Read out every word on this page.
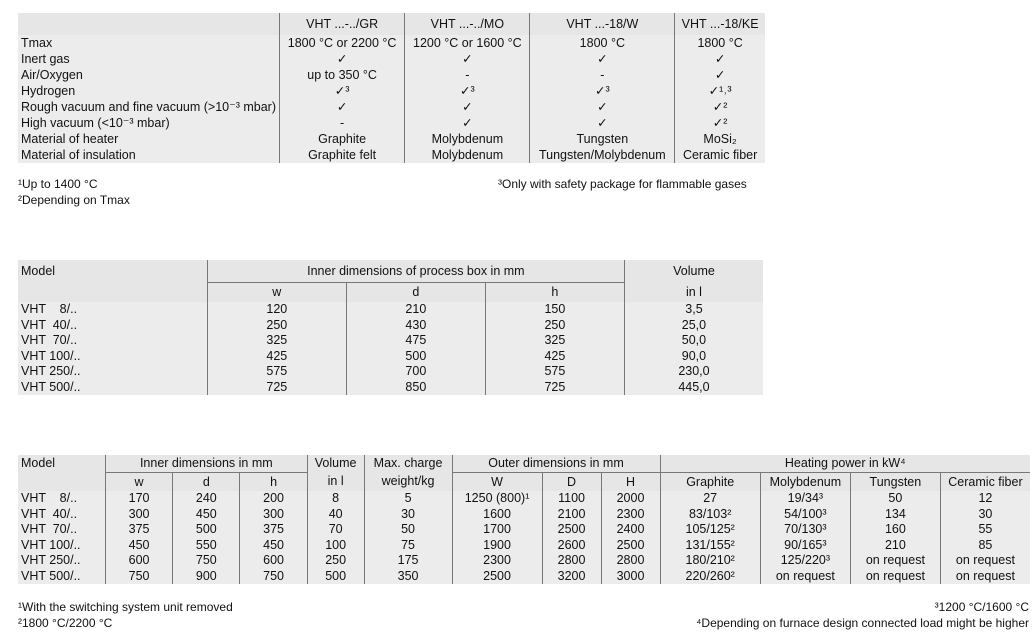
	VHT ...-../GR	VHT ...-../MO	VHT ...-18/W	VHT ...-18/KE
Tmax	1800 °C or 2200 °C	1200 °C or 1600 °C	1800 °C	1800 °C
Inert gas	✓	✓	✓	✓
Air/Oxygen	up to 350 °C	-	-	✓
Hydrogen	✓³	✓³	✓³	✓¹˒³
Rough vacuum and fine vacuum (>10⁻³ mbar)	✓	✓	✓	✓²
High vacuum (<10⁻³ mbar)	-	✓	✓	✓²
Material of heater	Graphite	Molybdenum	Tungsten	MoSi₂
Material of insulation	Graphite felt	Molybdenum	Tungsten/Molybdenum	Ceramic fiber
¹Up to 1400 °C
²Depending on Tmax
³Only with safety package for flammable gases
Model	Inner dimensions of process box in mm			Volume
	w	d	h	in l
VHT    8/..	120	210	150	3,5
VHT  40/..	250	430	250	25,0
VHT  70/..	325	475	325	50,0
VHT 100/..	425	500	425	90,0
VHT 250/..	575	700	575	230,0
VHT 500/..	725	850	725	445,0
Model	Inner dimensions in mm			Volume	Max. charge	Outer dimensions in mm			Heating power in kW⁴			
	w	d	h	in l	weight/kg	W	D	H	Graphite	Molybdenum	Tungsten	Ceramic fiber
VHT    8/..	170	240	200	8	5	1250 (800)¹	1100	2000	27	19/34³	50	12
VHT  40/..	300	450	300	40	30	1600	2100	2300	83/103²	54/100³	134	30
VHT  70/..	375	500	375	70	50	1700	2500	2400	105/125²	70/130³	160	55
VHT 100/..	450	550	450	100	75	1900	2600	2500	131/155²	90/165³	210	85
VHT 250/..	600	750	600	250	175	2300	2800	2800	180/210²	125/220³	on request	on request
VHT 500/..	750	900	750	500	350	2500	3200	3000	220/260²	on request	on request	on request
¹With the switching system unit removed
²1800 °C/2200 °C
³1200 °C/1600 °C
⁴Depending on furnace design connected load might be higher
